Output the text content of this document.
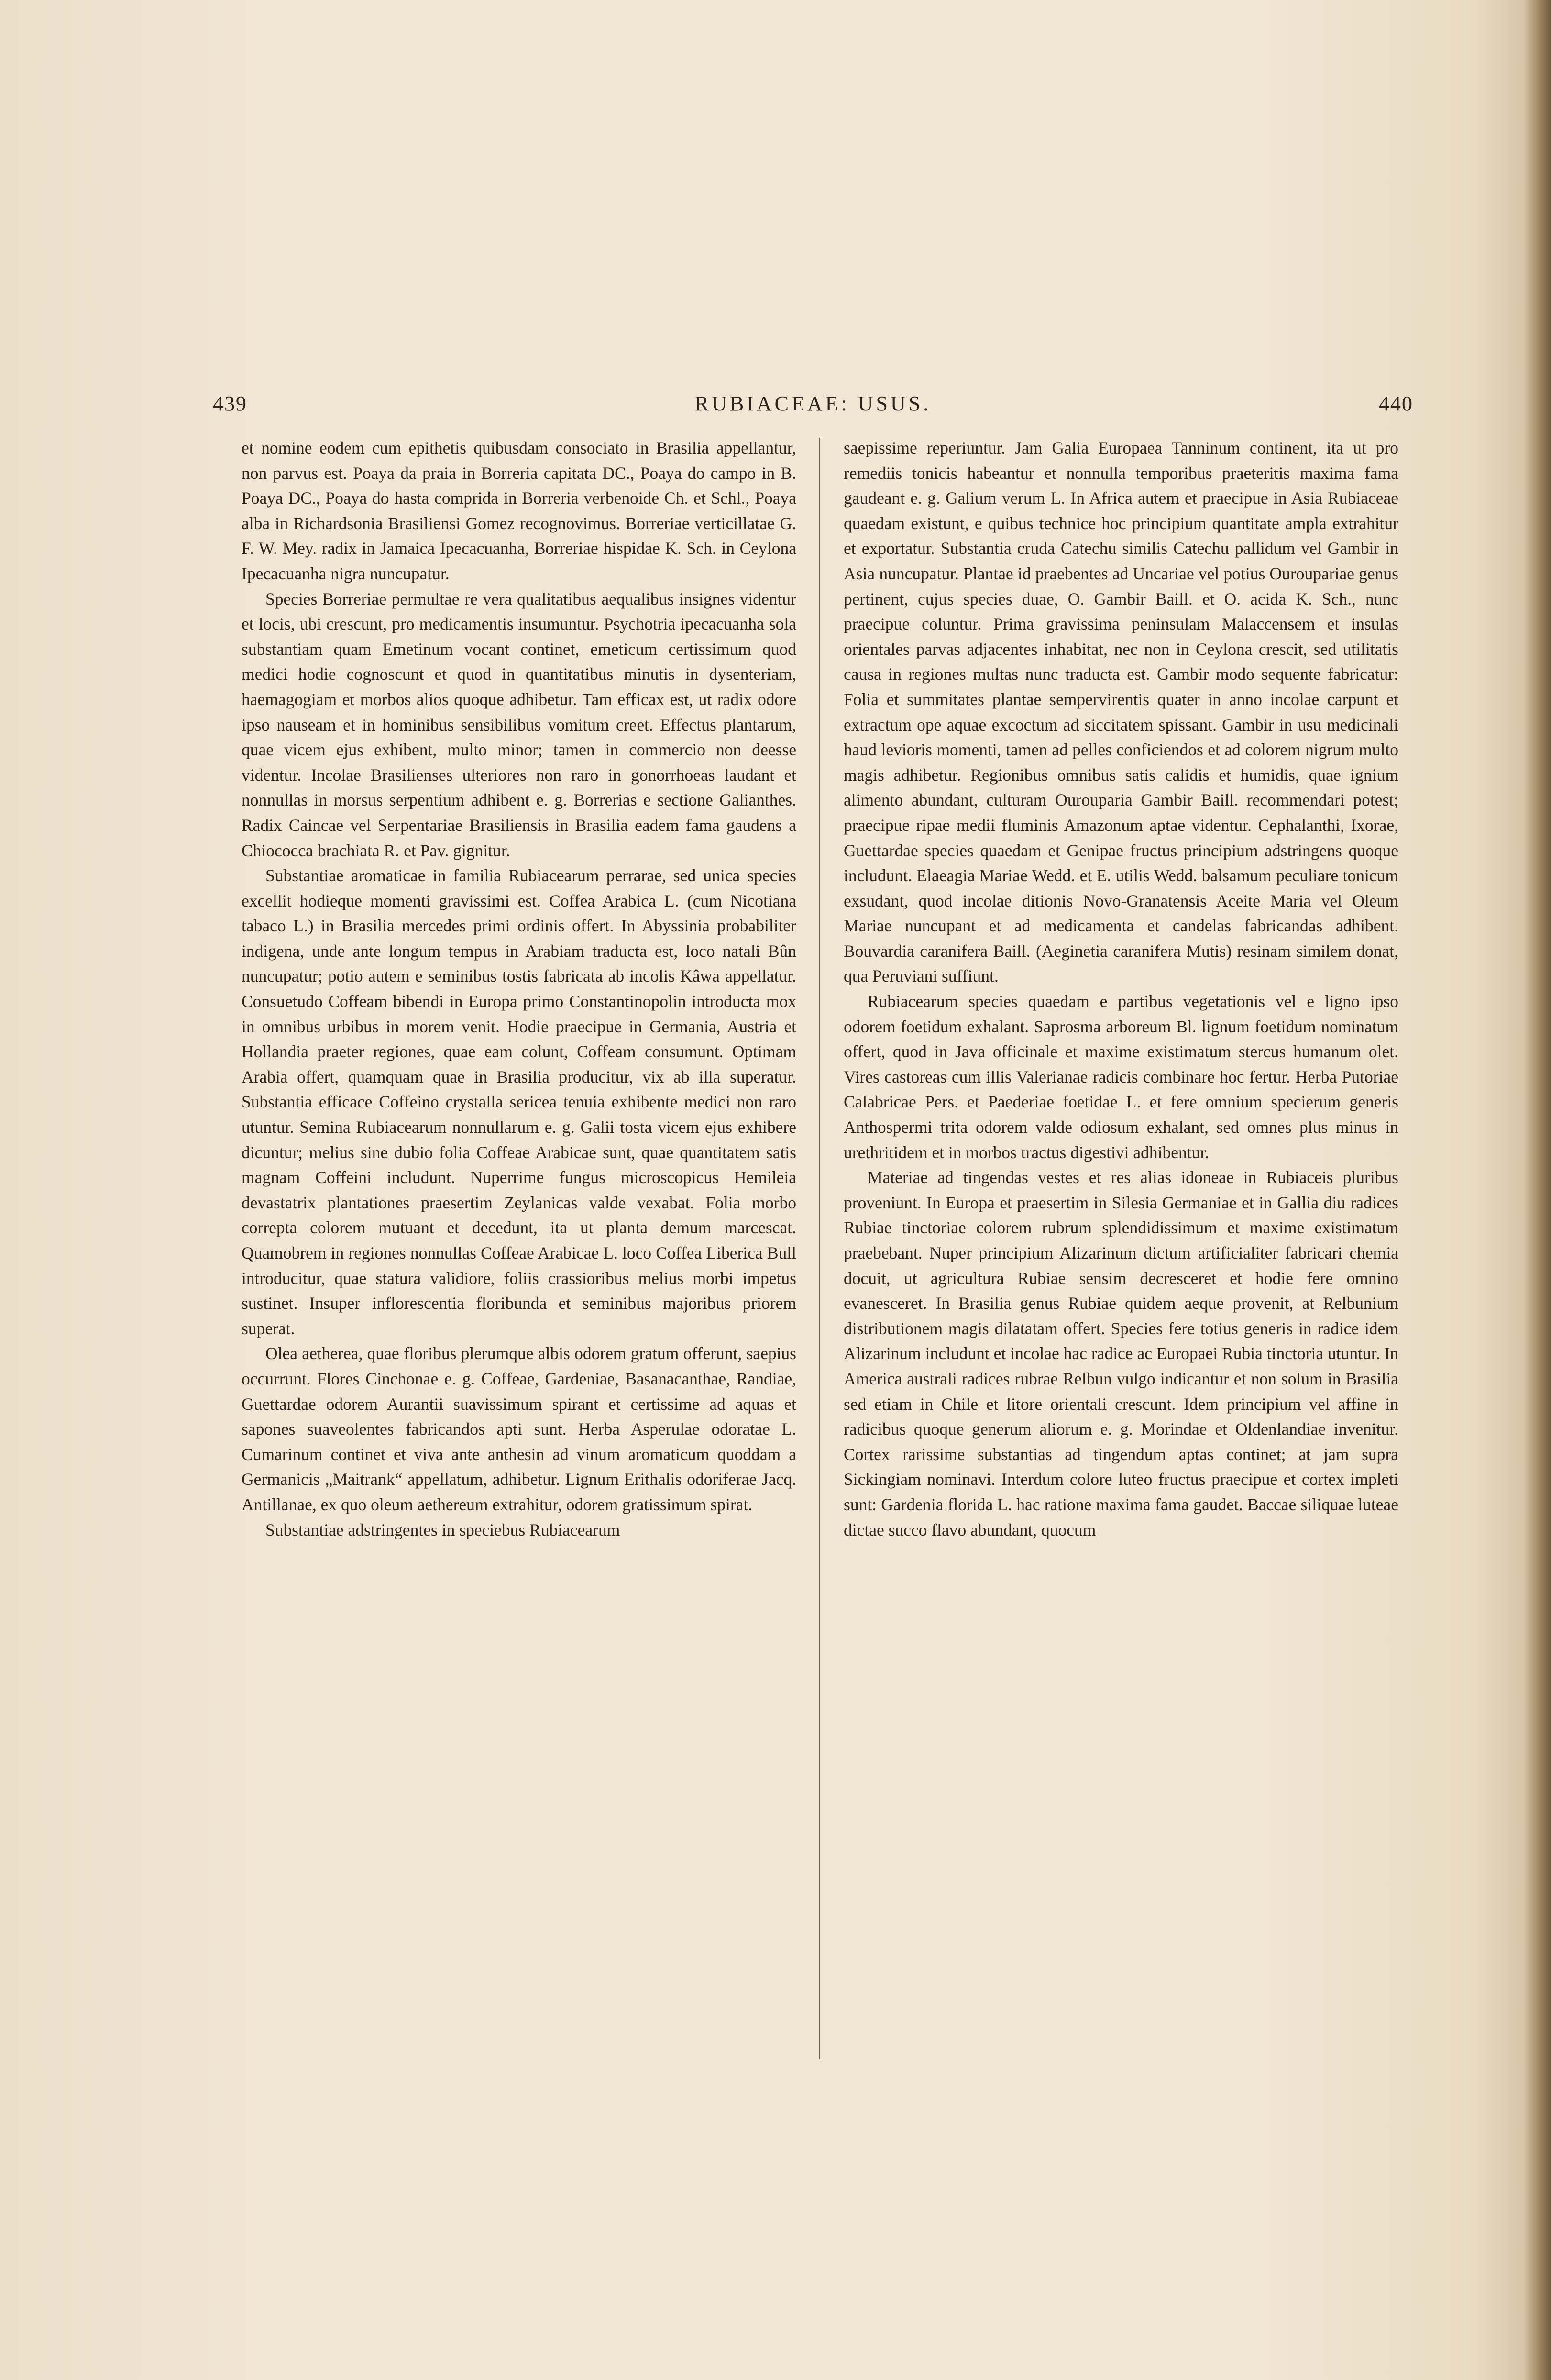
439	RUBIACEAE: USUS.	440

et nomine eodem cum epithetis quibusdam consociato in Brasilia appellantur, non parvus est. Poaya da praia in Borreria capitata DC., Poaya do campo in B. Poaya DC., Poaya do hasta comprida in Borreria verbenoide Ch. et Schl., Poaya alba in Richardsonia Brasiliensi Gomez recognovimus. Borreriae verticillatae G. F. W. Mey. radix in Jamaica Ipecacuanha, Borreriae hispidae K. Sch. in Ceylona Ipecacuanha nigra nuncupatur.

Species Borreriae permultae re vera qualitatibus aequalibus insignes videntur et locis, ubi crescunt, pro medicamentis insumuntur. Psychotria ipecacuanha sola substantiam quam Emetinum vocant continet, emeticum certissimum quod medici hodie cognoscunt et quod in quantitatibus minutis in dysenteriam, haemagogiam et morbos alios quoque adhibetur. Tam efficax est, ut radix odore ipso nauseam et in hominibus sensibilibus vomitum creet. Effectus plantarum, quae vicem ejus exhibent, multo minor; tamen in commercio non deesse videntur. Incolae Brasilienses ulteriores non raro in gonorrhoeas laudant et nonnullas in morsus serpentium adhibent e. g. Borrerias e sectione Galianthes. Radix Caincae vel Serpentariae Brasiliensis in Brasilia eadem fama gaudens a Chiococca brachiata R. et Pav. gignitur.

Substantiae aromaticae in familia Rubiacearum perrarae, sed unica species excellit hodieque momenti gravissimi est. Coffea Arabica L. (cum Nicotiana tabaco L.) in Brasilia mercedes primi ordinis offert. In Abyssinia probabiliter indigena, unde ante longum tempus in Arabiam traducta est, loco natali Bûn nuncupatur; potio autem e seminibus tostis fabricata ab incolis Kâwa appellatur. Consuetudo Coffeam bibendi in Europa primo Constantinopolin introducta mox in omnibus urbibus in morem venit. Hodie praecipue in Germania, Austria et Hollandia praeter regiones, quae eam colunt, Coffeam consumunt. Optimam Arabia offert, quamquam quae in Brasilia producitur, vix ab illa superatur. Substantia efficace Coffeino crystalla sericea tenuia exhibente medici non raro utuntur. Semina Rubiacearum nonnullarum e. g. Galii tosta vicem ejus exhibere dicuntur; melius sine dubio folia Coffeae Arabicae sunt, quae quantitatem satis magnam Coffeini includunt. Nuperrime fungus microscopicus Hemileia devastatrix plantationes praesertim Zeylanicas valde vexabat. Folia morbo correpta colorem mutuant et decedunt, ita ut planta demum marcescat. Quamobrem in regiones nonnullas Coffeae Arabicae L. loco Coffea Liberica Bull introducitur, quae statura validiore, foliis crassioribus melius morbi impetus sustinet. Insuper inflorescentia floribunda et seminibus majoribus priorem superat.

Olea aetherea, quae floribus plerumque albis odorem gratum offerunt, saepius occurrunt. Flores Cinchonae e. g. Coffeae, Gardeniae, Basanacanthae, Randiae, Guettardae odorem Aurantii suavissimum spirant et certissime ad aquas et sapones suaveolentes fabricandos apti sunt. Herba Asperulae odoratae L. Cumarinum continet et viva ante anthesin ad vinum aromaticum quoddam a Germanicis „Maitrank“ appellatum, adhibetur. Lignum Erithalis odoriferae Jacq. Antillanae, ex quo oleum aethereum extrahitur, odorem gratissimum spirat.

Substantiae adstringentes in speciebus Rubiacearum

saepissime reperiuntur. Jam Galia Europaea Tanninum continent, ita ut pro remediis tonicis habeantur et nonnulla temporibus praeteritis maxima fama gaudeant e. g. Galium verum L. In Africa autem et praecipue in Asia Rubiaceae quaedam existunt, e quibus technice hoc principium quantitate ampla extrahitur et exportatur. Substantia cruda Catechu similis Catechu pallidum vel Gambir in Asia nuncupatur. Plantae id praebentes ad Uncariae vel potius Ouroupariae genus pertinent, cujus species duae, O. Gambir Baill. et O. acida K. Sch., nunc praecipue coluntur. Prima gravissima peninsulam Malaccensem et insulas orientales parvas adjacentes inhabitat, nec non in Ceylona crescit, sed utilitatis causa in regiones multas nunc traducta est. Gambir modo sequente fabricatur: Folia et summitates plantae sempervirentis quater in anno incolae carpunt et extractum ope aquae excoctum ad siccitatem spissant. Gambir in usu medicinali haud levioris momenti, tamen ad pelles conficiendos et ad colorem nigrum multo magis adhibetur. Regionibus omnibus satis calidis et humidis, quae ignium alimento abundant, culturam Ourouparia Gambir Baill. recommendari potest; praecipue ripae medii fluminis Amazonum aptae videntur. Cephalanthi, Ixorae, Guettardae species quaedam et Genipae fructus principium adstringens quoque includunt. Elaeagia Mariae Wedd. et E. utilis Wedd. balsamum peculiare tonicum exsudant, quod incolae ditionis Novo-Granatensis Aceite Maria vel Oleum Mariae nuncupant et ad medicamenta et candelas fabricandas adhibent. Bouvardia caranifera Baill. (Aeginetia caranifera Mutis) resinam similem donat, qua Peruviani suffiunt.

Rubiacearum species quaedam e partibus vegetationis vel e ligno ipso odorem foetidum exhalant. Saprosma arboreum Bl. lignum foetidum nominatum offert, quod in Java officinale et maxime existimatum stercus humanum olet. Vires castoreas cum illis Valerianae radicis combinare hoc fertur. Herba Putoriae Calabricae Pers. et Paederiae foetidae L. et fere omnium specierum generis Anthospermi trita odorem valde odiosum exhalant, sed omnes plus minus in urethritidem et in morbos tractus digestivi adhibentur.

Materiae ad tingendas vestes et res alias idoneae in Rubiaceis pluribus proveniunt. In Europa et praesertim in Silesia Germaniae et in Gallia diu radices Rubiae tinctoriae colorem rubrum splendidissimum et maxime existimatum praebebant. Nuper principium Alizarinum dictum artificialiter fabricari chemia docuit, ut agricultura Rubiae sensim decresceret et hodie fere omnino evanesceret. In Brasilia genus Rubiae quidem aeque provenit, at Relbunium distributionem magis dilatatam offert. Species fere totius generis in radice idem Alizarinum includunt et incolae hac radice ac Europaei Rubia tinctoria utuntur. In America australi radices rubrae Relbun vulgo indicantur et non solum in Brasilia sed etiam in Chile et litore orientali crescunt. Idem principium vel affine in radicibus quoque generum aliorum e. g. Morindae et Oldenlandiae invenitur. Cortex rarissime substantias ad tingendum aptas continet; at jam supra Sickingiam nominavi. Interdum colore luteo fructus praecipue et cortex impleti sunt: Gardenia florida L. hac ratione maxima fama gaudet. Baccae siliquae luteae dictae succo flavo abundant, quocum
